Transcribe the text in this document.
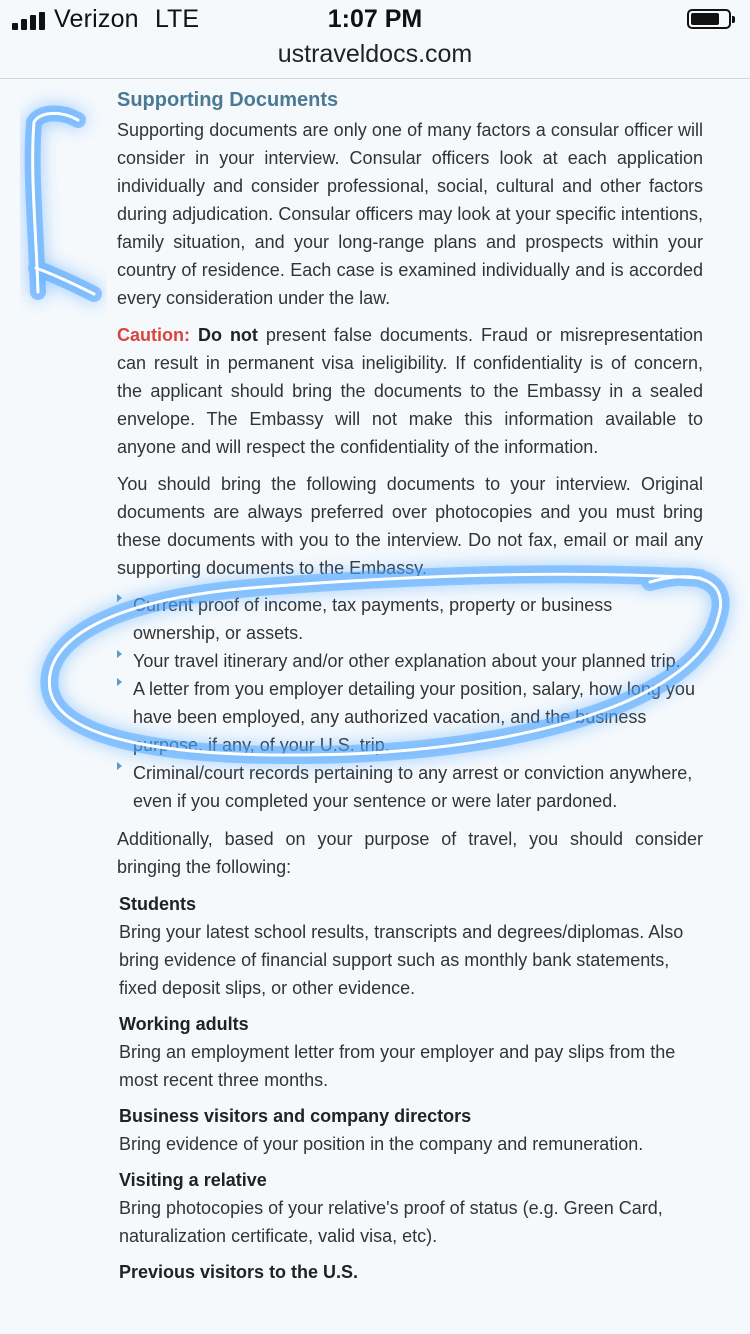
Verizon LTE	1:07 PM
ustraveldocs.com
Supporting Documents

Supporting documents are only one of many factors a consular officer will consider in your interview. Consular officers look at each application individually and consider professional, social, cultural and other factors during adjudication. Consular officers may look at your specific intentions, family situation, and your long-range plans and prospects within your country of residence. Each case is examined individually and is accorded every consideration under the law.

Caution: Do not present false documents. Fraud or misrepresentation can result in permanent visa ineligibility. If confidentiality is of concern, the applicant should bring the documents to the Embassy in a sealed envelope. The Embassy will not make this information available to anyone and will respect the confidentiality of the information.

You should bring the following documents to your interview. Original documents are always preferred over photocopies and you must bring these documents with you to the interview. Do not fax, email or mail any supporting documents to the Embassy.

Current proof of income, tax payments, property or business ownership, or assets.
Your travel itinerary and/or other explanation about your planned trip.
A letter from you employer detailing your position, salary, how long you have been employed, any authorized vacation, and the business purpose, if any, of your U.S. trip.
Criminal/court records pertaining to any arrest or conviction anywhere, even if you completed your sentence or were later pardoned.

Additionally, based on your purpose of travel, you should consider bringing the following:

Students
Bring your latest school results, transcripts and degrees/diplomas. Also bring evidence of financial support such as monthly bank statements, fixed deposit slips, or other evidence.
Working adults
Bring an employment letter from your employer and pay slips from the most recent three months.
Business visitors and company directors
Bring evidence of your position in the company and remuneration.
Visiting a relative
Bring photocopies of your relative's proof of status (e.g. Green Card, naturalization certificate, valid visa, etc).
Previous visitors to the U.S.
